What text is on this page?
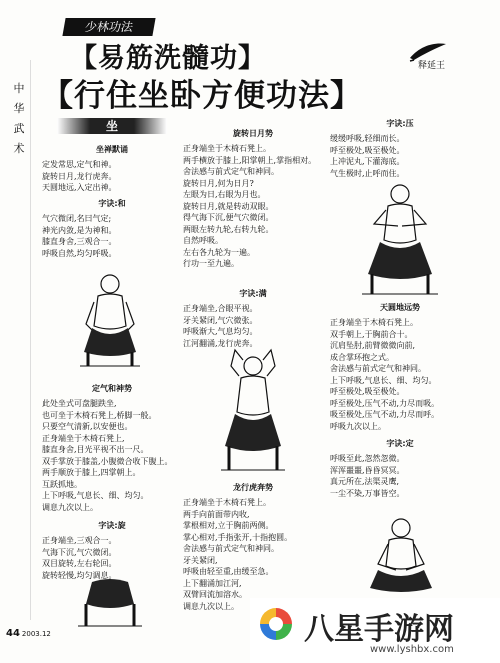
中
华
武
术
少林功法
【易筋洗髓功】
【行住坐卧方便功法】
释延王
坐
坐禅默诵
定发常思,定气和神。
旋转日月,龙行虎奔。
天圆地远,入定出神。
字诀:和
气穴微闭,名曰气定;
神光内敛,是为神和。
膝直身舍,三观合一。
呼吸自然,均匀呼吸。
定气和神势
此处坐式可盘腿跌坐,
也可坐于木椅石凳上,桥脚一般。
只要空气清新,以安便也。
正身端坐于木椅石凳上,
膝直身舍,目光平视不出一尺。
双手掌放于膝盖,小腹微合收下腹上。
两手顺放于膝上,四掌朝上。
互跃抓地。
上下呼吸,气息长、细、均匀。
调息九次以上。
字诀:旋
正身端坐,三观合一。
气海下沉,气穴微闭。
双目旋转,左右轮回。
旋转轻慢,均匀调息。
旋转日月势
正身端坐于木椅石凳上。
两手横放于膝上,阳掌朝上,掌指相对。
舍法感与前式定气和神同。
旋转日月,何为日月?
左眼为日,右眼为月也。
旋转日月,就是转动双眼。
得气海下沉,便气穴微闭。
两眼左转九轮,右转九轮。
自然呼吸。
左右各九轮为一遍。
行功一至九遍。
字诀:满
正身端坐,合眼平视。
牙关紧闭,气穴微张。
呼吸渐大,气息均匀。
江河翻涌,龙行虎奔。
龙行虎奔势
正身端坐于木椅石凳上。
两手向前面带内收,
掌根相对,立于胸前两侧。
掌心相对,手指张开,十指抱圆。
舍法感与前式定气和神同。
牙关紧闭,
呼吸由轻至重,由缓至急。
上下翻涌加江河,
双臂回流加溶水。
调息九次以上。
字诀:压
缓缓呼吸,轻细而长。
呼至极处,吸至极处。
上冲泥丸,下灌海底。
气生极时,止呼而住。
天圆地远势
正身端坐于木椅石凳上。
双手朝上,于胸前合十。
沉肩坠肘,前臂微微向前,
成合掌环抱之式。
舍法感与前式定气和神同。
上下呼吸,气息长、细、均匀。
呼至极处,吸至极处。
呼至极处,压气不动,力尽而吸。
吸至极处,压气不动,力尽而呼。
呼吸九次以上。
字诀:定
呼吸至此,忽然忽微。
浑浑噩噩,昏昏冥冥。
真元所在,法渠灵鹰,
一尘不染,万事皆空。
44 2003.12	八星手游网
www.lyshbx.com
